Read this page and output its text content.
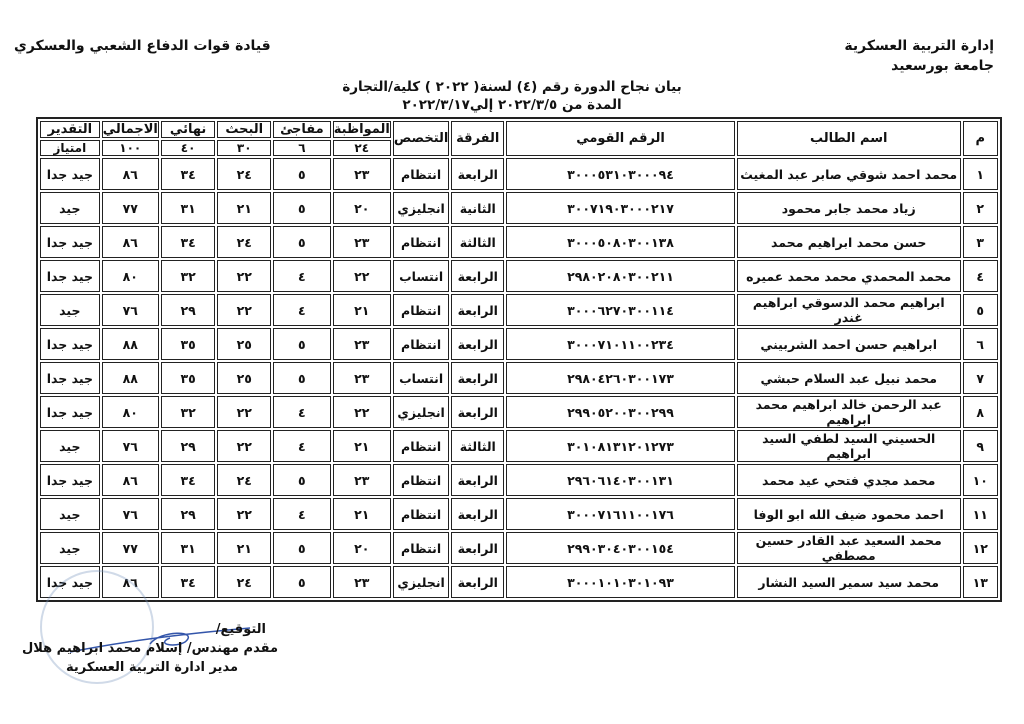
إدارة التربية العسكرية
جامعة بورسعيد
قيادة قوات الدفاع الشعبي والعسكري
بيان نجاح الدورة رقم (٤) لسنة( ٢٠٢٢ ) كلية/التجارة
المدة من ٢٠٢٢/٣/٥ إلي٢٠٢٢/٣/١٧
م	اسم الطالب	الرقم القومي	الفرقة	التخصص	المواظبة	مفاجئ	البحث	نهائي	الاجمالي	التقدير
					٢٤	٦	٣٠	٤٠	١٠٠	امتياز
١	محمد احمد شوقي صابر عبد المغيث	٣٠٠٠٥٣١٠٣٠٠٠٩٤	الرابعة	انتظام	٢٣	٥	٢٤	٣٤	٨٦	جيد جدا
٢	زياد محمد جابر محمود	٣٠٠٧١٩٠٣٠٠٠٢١٧	الثانية	انجليزي	٢٠	٥	٢١	٣١	٧٧	جيد
٣	حسن محمد ابراهيم محمد	٣٠٠٠٥٠٨٠٣٠٠١٣٨	الثالثة	انتظام	٢٣	٥	٢٤	٣٤	٨٦	جيد جدا
٤	محمد المحمدي محمد محمد عميره	٢٩٨٠٢٠٨٠٣٠٠٢١١	الرابعة	انتساب	٢٢	٤	٢٢	٣٢	٨٠	جيد جدا
٥	ابراهيم محمد الدسوقي ابراهيم غندر	٣٠٠٠٦٢٧٠٣٠٠١١٤	الرابعة	انتظام	٢١	٤	٢٢	٢٩	٧٦	جيد
٦	ابراهيم حسن احمد الشربيني	٣٠٠٠٧١٠١١٠٠٢٣٤	الرابعة	انتظام	٢٣	٥	٢٥	٣٥	٨٨	جيد جدا
٧	محمد نبيل عبد السلام حبشي	٢٩٨٠٤٢٦٠٣٠٠١٧٣	الرابعة	انتساب	٢٣	٥	٢٥	٣٥	٨٨	جيد جدا
٨	عبد الرحمن خالد ابراهيم محمد ابراهيم	٢٩٩٠٥٢٠٠٣٠٠٢٩٩	الرابعة	انجليزي	٢٢	٤	٢٢	٣٢	٨٠	جيد جدا
٩	الحسيني السيد لطفي السيد ابراهيم	٣٠١٠٨١٣١٢٠١٢٧٣	الثالثة	انتظام	٢١	٤	٢٢	٢٩	٧٦	جيد
١٠	محمد مجدي فتحي عيد محمد	٢٩٦٠٦١٤٠٣٠٠١٣١	الرابعة	انتظام	٢٣	٥	٢٤	٣٤	٨٦	جيد جدا
١١	احمد محمود ضيف الله ابو الوفا	٣٠٠٠٧١٦١١٠٠١٧٦	الرابعة	انتظام	٢١	٤	٢٢	٢٩	٧٦	جيد
١٢	محمد السعيد عبد القادر حسين مصطفي	٢٩٩٠٣٠٤٠٣٠٠١٥٤	الرابعة	انتظام	٢٠	٥	٢١	٣١	٧٧	جيد
١٣	محمد سيد سمير السيد النشار	٣٠٠٠١٠١٠٣٠١٠٩٣	الرابعة	انجليزي	٢٣	٥	٢٤	٣٤	٨٦	جيد جدا
التوقيع/
مقدم مهندس/ إسلام محمد ابراهيم هلال
مدير ادارة التربية العسكرية
